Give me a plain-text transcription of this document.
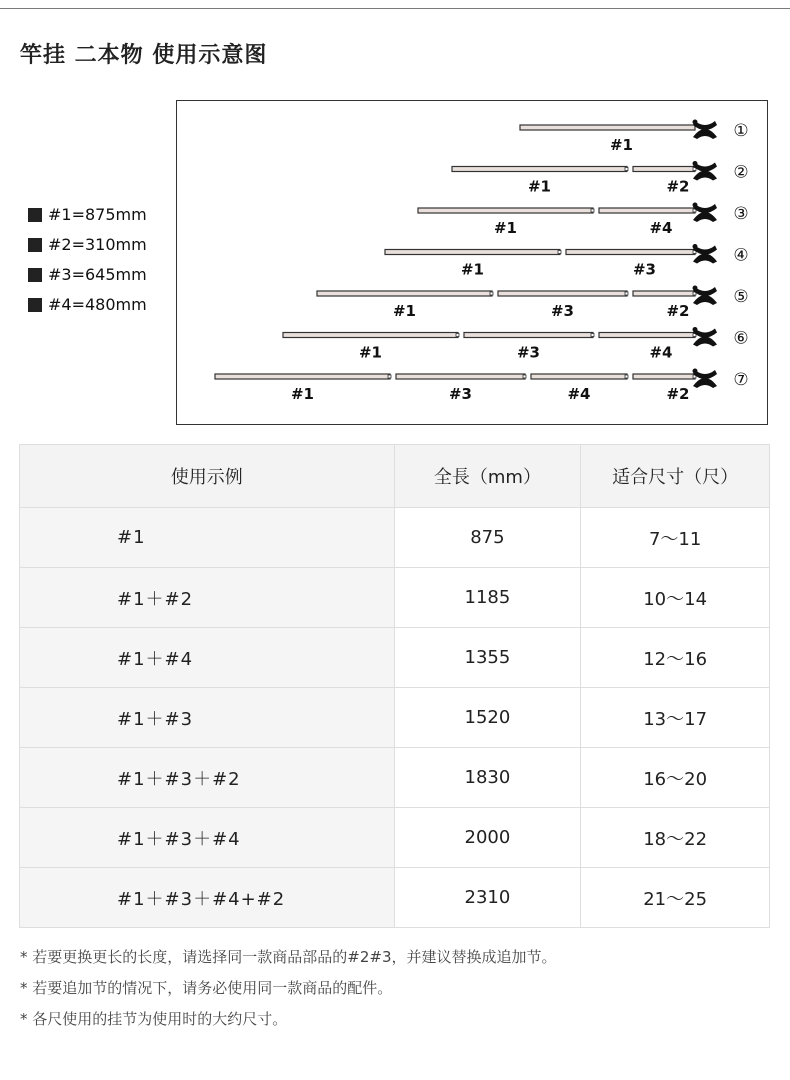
竿挂 二本物 使用示意图
#1=875mm
#2=310mm
#3=645mm
#4=480mm
#1
①
#2
#1
②
#4
#1
③
#3
#1
④
#2
#3
#1
⑤
#4
#3
#1
⑥
#2
#4
#3
#1
⑦
使用示例	全長（mm）	适合尺寸（尺）
#1	875	7～11
#1＋#2	1185	10～14
#1＋#4	1355	12～16
#1＋#3	1520	13～17
#1＋#3＋#2	1830	16～20
#1＋#3＋#4	2000	18～22
#1＋#3＋#4+#2	2310	21～25
* 若要更换更长的长度，请选择同一款商品部品的#2#3，并建议替换成追加节。
* 若要追加节的情况下，请务必使用同一款商品的配件。
* 各尺使用的挂节为使用时的大约尺寸。
